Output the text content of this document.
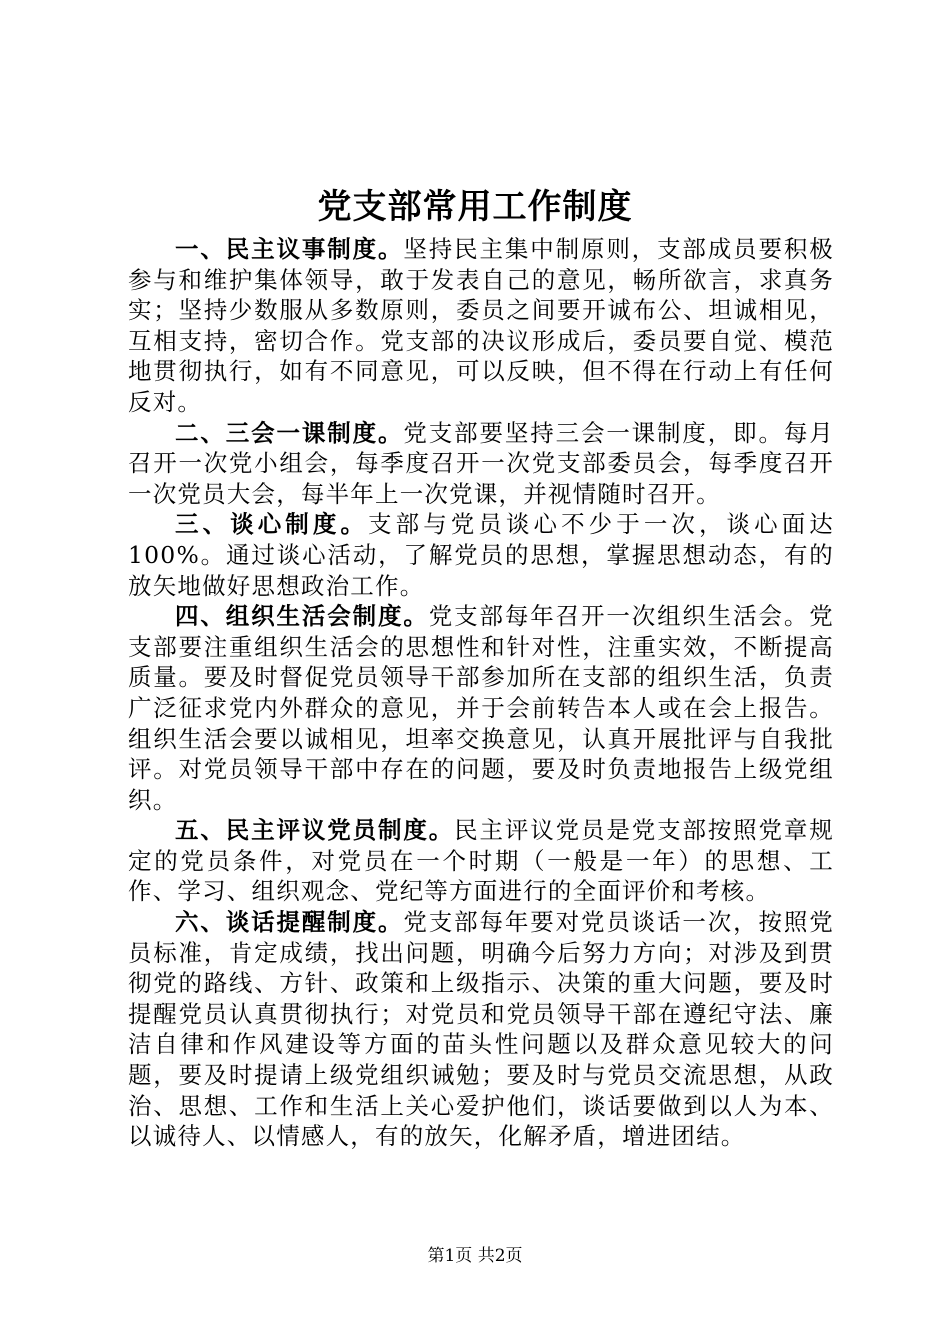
党支部常用工作制度

一、民主议事制度。坚持民主集中制原则，支部成员要积极参与和维护集体领导，敢于发表自己的意见，畅所欲言，求真务实；坚持少数服从多数原则，委员之间要开诚布公、坦诚相见，互相支持，密切合作。党支部的决议形成后，委员要自觉、模范地贯彻执行，如有不同意见，可以反映，但不得在行动上有任何反对。

二、三会一课制度。党支部要坚持三会一课制度，即。每月召开一次党小组会，每季度召开一次党支部委员会，每季度召开一次党员大会，每半年上一次党课，并视情随时召开。

三、谈心制度。支部与党员谈心不少于一次，谈心面达100%。通过谈心活动，了解党员的思想，掌握思想动态，有的放矢地做好思想政治工作。

四、组织生活会制度。党支部每年召开一次组织生活会。党支部要注重组织生活会的思想性和针对性，注重实效，不断提高质量。要及时督促党员领导干部参加所在支部的组织生活，负责广泛征求党内外群众的意见，并于会前转告本人或在会上报告。组织生活会要以诚相见，坦率交换意见，认真开展批评与自我批评。对党员领导干部中存在的问题，要及时负责地报告上级党组织。

五、民主评议党员制度。民主评议党员是党支部按照党章规定的党员条件，对党员在一个时期（一般是一年）的思想、工作、学习、组织观念、党纪等方面进行的全面评价和考核。

六、谈话提醒制度。党支部每年要对党员谈话一次，按照党员标准，肯定成绩，找出问题，明确今后努力方向；对涉及到贯彻党的路线、方针、政策和上级指示、决策的重大问题，要及时提醒党员认真贯彻执行；对党员和党员领导干部在遵纪守法、廉洁自律和作风建设等方面的苗头性问题以及群众意见较大的问题，要及时提请上级党组织诫勉；要及时与党员交流思想，从政治、思想、工作和生活上关心爱护他们，谈话要做到以人为本、以诚待人、以情感人，有的放矢，化解矛盾，增进团结。

第1页 共2页
